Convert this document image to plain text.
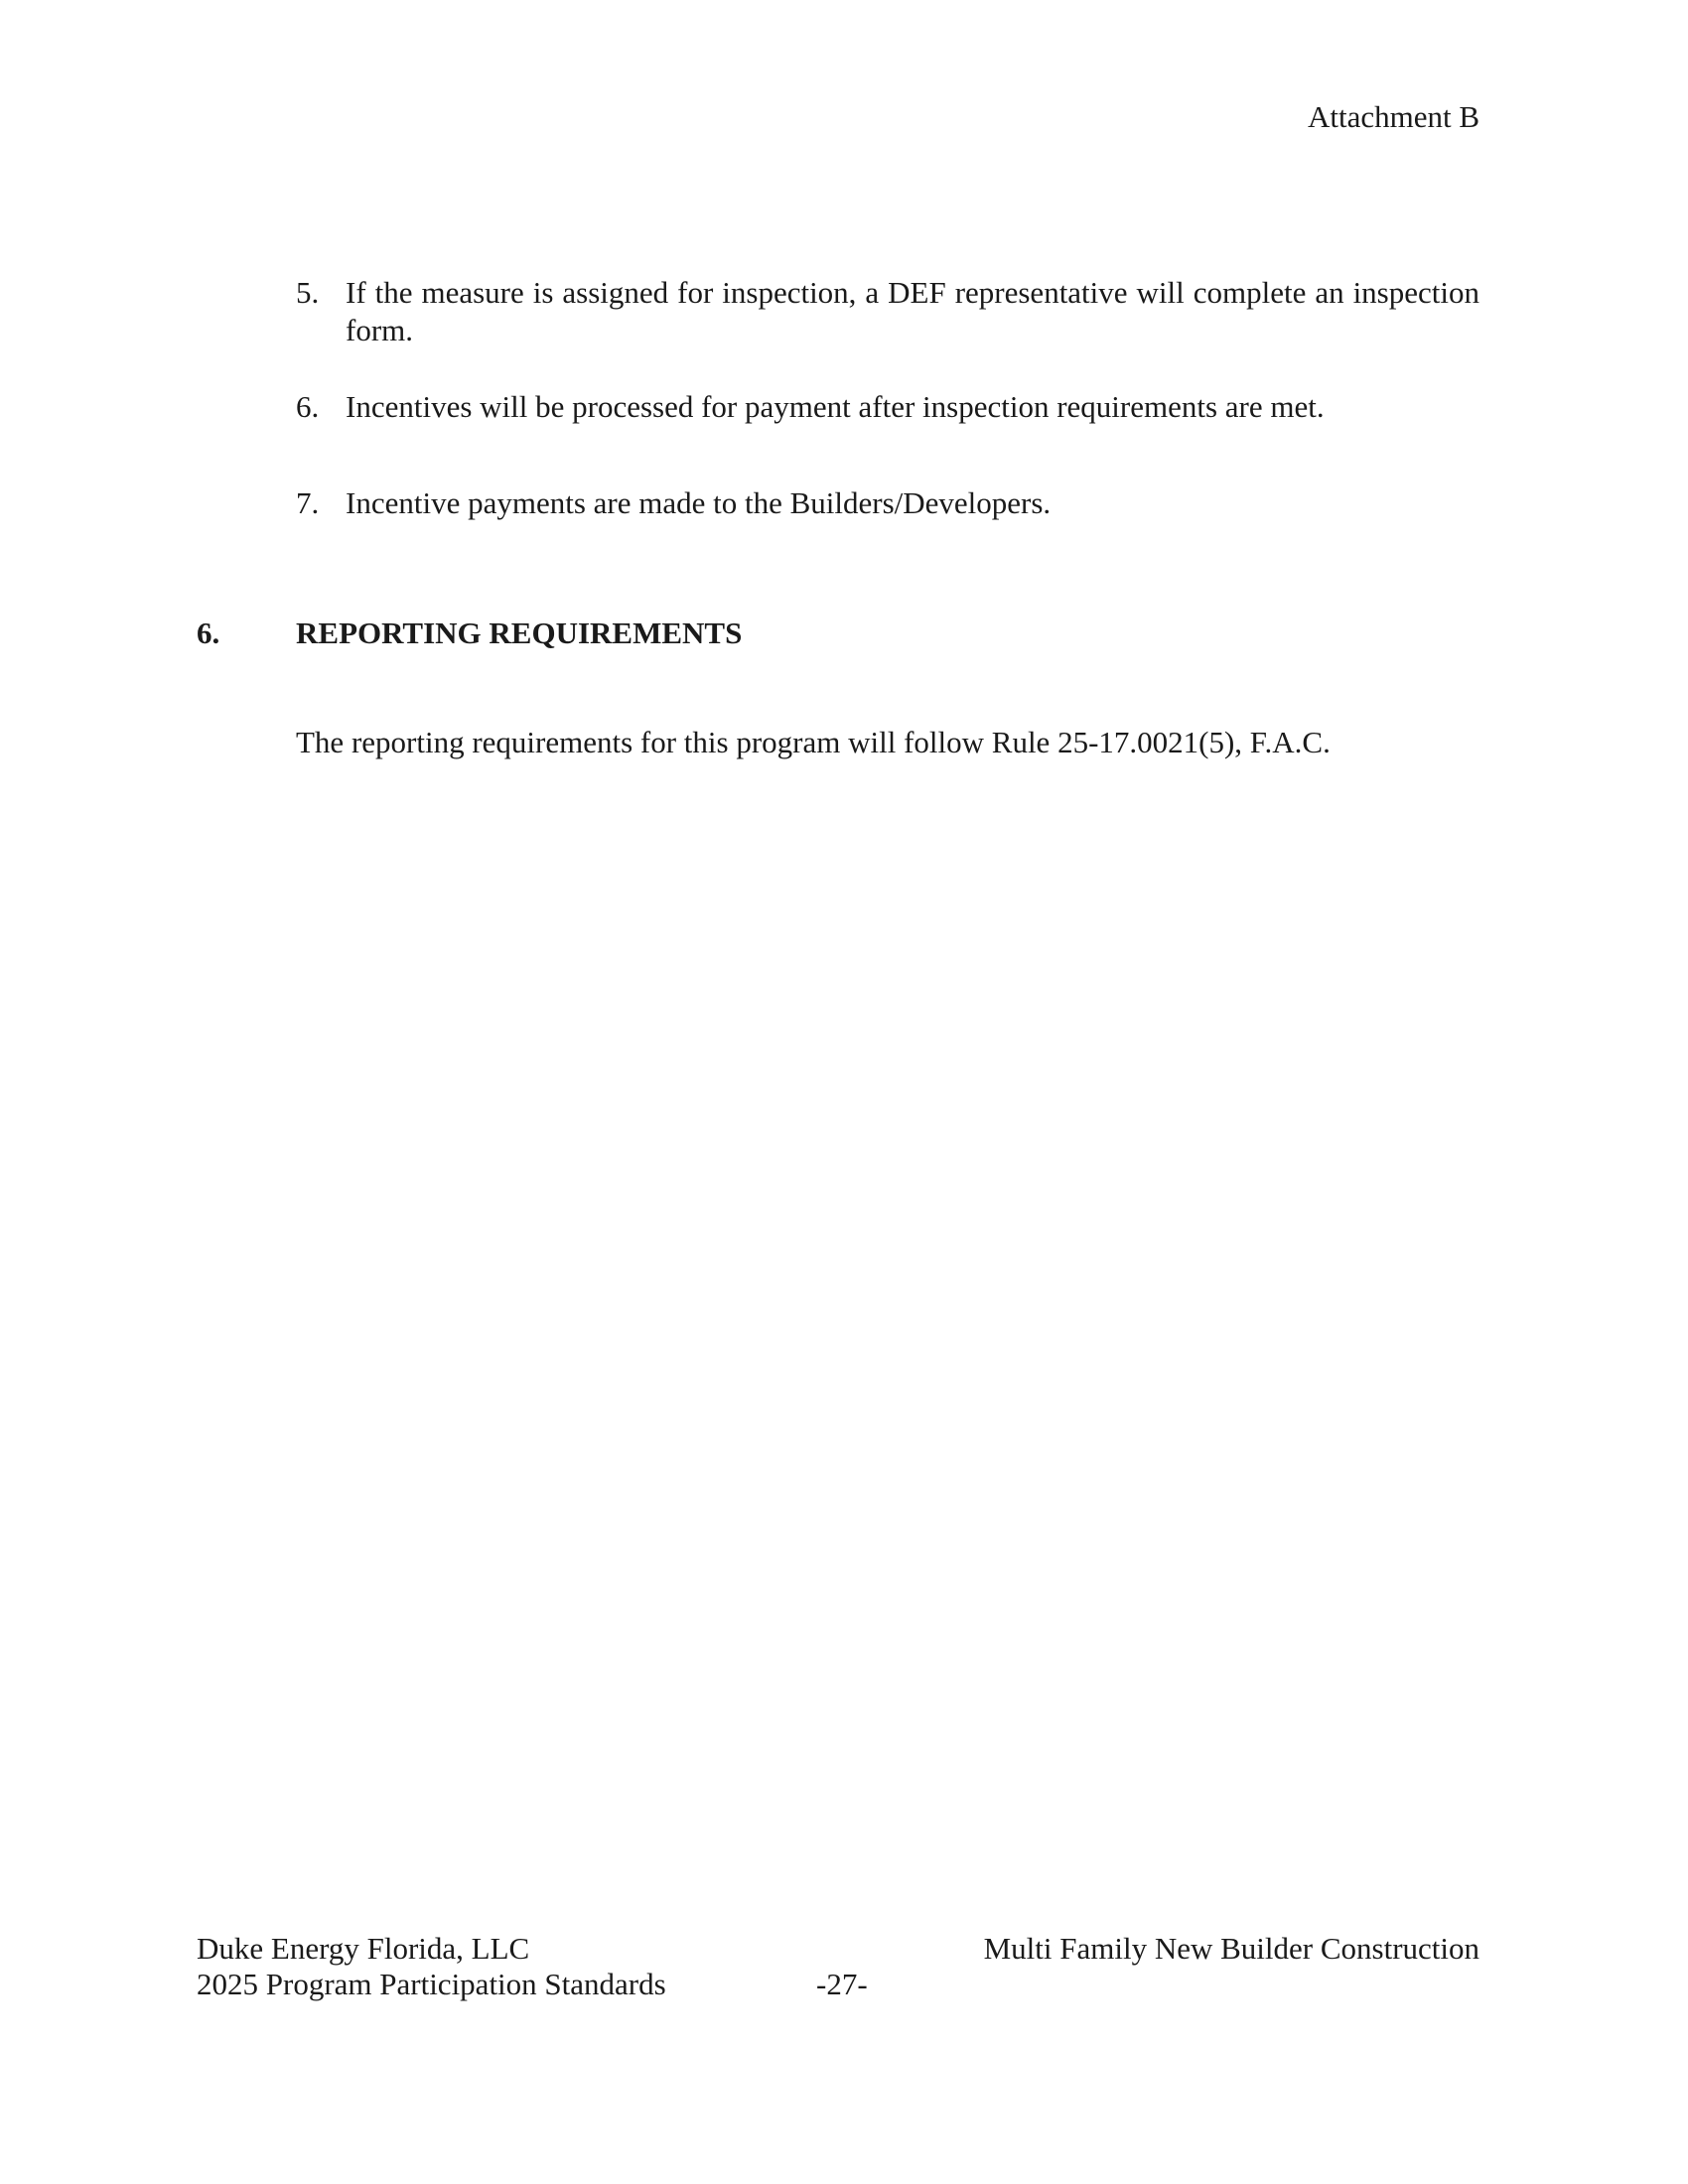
Attachment B
5. If the measure is assigned for inspection, a DEF representative will complete an inspection form.
6. Incentives will be processed for payment after inspection requirements are met.
7. Incentive payments are made to the Builders/Developers.
6. REPORTING REQUIREMENTS
The reporting requirements for this program will follow Rule 25-17.0021(5), F.A.C.
Duke Energy Florida, LLC
2025 Program Participation Standards	-27-
Multi Family New Builder Construction
